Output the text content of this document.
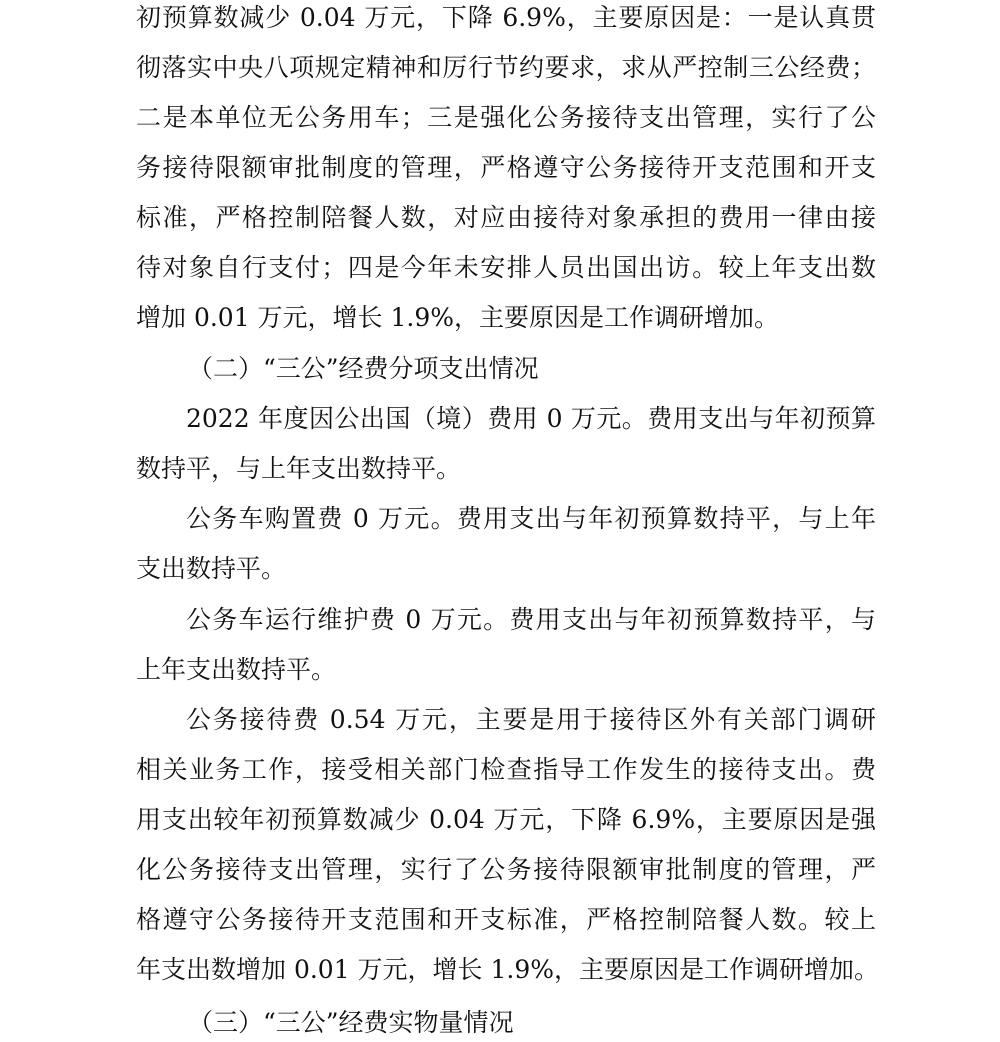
初预算数减少 0.04 万元，下降 6.9%，主要原因是：一是认真贯
彻落实中央八项规定精神和厉行节约要求，求从严控制三公经费；
二是本单位无公务用车；三是强化公务接待支出管理，实行了公
务接待限额审批制度的管理，严格遵守公务接待开支范围和开支
标准，严格控制陪餐人数，对应由接待对象承担的费用一律由接
待对象自行支付；四是今年未安排人员出国出访。较上年支出数
增加 0.01 万元，增长 1.9%，主要原因是工作调研增加。
（二）“三公”经费分项支出情况
2022 年度因公出国（境）费用 0 万元。费用支出与年初预算
数持平，与上年支出数持平。
公务车购置费 0 万元。费用支出与年初预算数持平，与上年
支出数持平。
公务车运行维护费 0 万元。费用支出与年初预算数持平，与
上年支出数持平。
公务接待费 0.54 万元，主要是用于接待区外有关部门调研
相关业务工作，接受相关部门检查指导工作发生的接待支出。费
用支出较年初预算数减少 0.04 万元，下降 6.9%，主要原因是强
化公务接待支出管理，实行了公务接待限额审批制度的管理，严
格遵守公务接待开支范围和开支标准，严格控制陪餐人数。较上
年支出数增加 0.01 万元，增长 1.9%，主要原因是工作调研增加。
（三）“三公”经费实物量情况
